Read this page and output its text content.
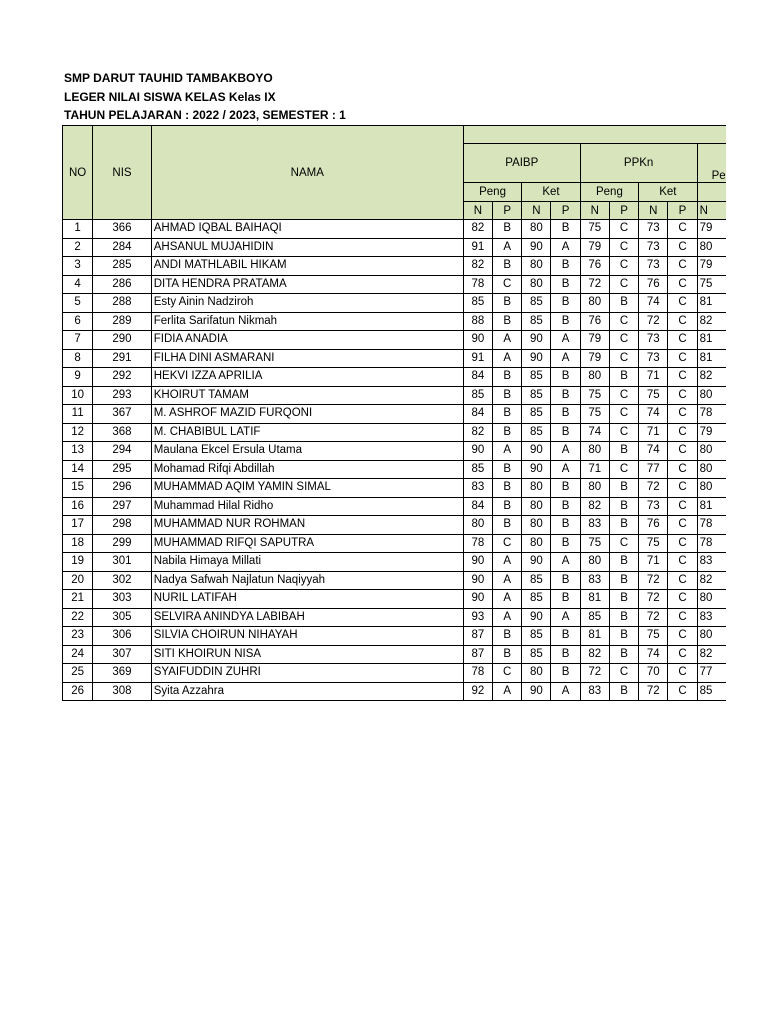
SMP DARUT TAUHID TAMBAKBOYO
LEGER NILAI SISWA KELAS Kelas IX
TAHUN PELAJARAN : 2022 / 2023, SEMESTER : 1
NO	NIS	NAMA									
			PAIBP				PPKn				Pe
			Peng		Ket		Peng		Ket		
			N	P	N	P	N	P	N	P	N
1	366	AHMAD IQBAL BAIHAQI	82	B	80	B	75	C	73	C	79
2	284	AHSANUL MUJAHIDIN	91	A	90	A	79	C	73	C	80
3	285	ANDI MATHLABIL HIKAM	82	B	80	B	76	C	73	C	79
4	286	DITA HENDRA PRATAMA	78	C	80	B	72	C	76	C	75
5	288	Esty Ainin Nadziroh	85	B	85	B	80	B	74	C	81
6	289	Ferlita Sarifatun Nikmah	88	B	85	B	76	C	72	C	82
7	290	FIDIA ANADIA	90	A	90	A	79	C	73	C	81
8	291	FILHA DINI ASMARANI	91	A	90	A	79	C	73	C	81
9	292	HEKVI IZZA APRILIA	84	B	85	B	80	B	71	C	82
10	293	KHOIRUT TAMAM	85	B	85	B	75	C	75	C	80
11	367	M. ASHROF MAZID FURQONI	84	B	85	B	75	C	74	C	78
12	368	M. CHABIBUL LATIF	82	B	85	B	74	C	71	C	79
13	294	Maulana Ekcel Ersula Utama	90	A	90	A	80	B	74	C	80
14	295	Mohamad Rifqi Abdillah	85	B	90	A	71	C	77	C	80
15	296	MUHAMMAD AQIM YAMIN SIMAL	83	B	80	B	80	B	72	C	80
16	297	Muhammad Hilal Ridho	84	B	80	B	82	B	73	C	81
17	298	MUHAMMAD NUR ROHMAN	80	B	80	B	83	B	76	C	78
18	299	MUHAMMAD RIFQI SAPUTRA	78	C	80	B	75	C	75	C	78
19	301	Nabila Himaya Millati	90	A	90	A	80	B	71	C	83
20	302	Nadya Safwah Najlatun Naqiyyah	90	A	85	B	83	B	72	C	82
21	303	NURIL LATIFAH	90	A	85	B	81	B	72	C	80
22	305	SELVIRA ANINDYA LABIBAH	93	A	90	A	85	B	72	C	83
23	306	SILVIA CHOIRUN NIHAYAH	87	B	85	B	81	B	75	C	80
24	307	SITI KHOIRUN NISA	87	B	85	B	82	B	74	C	82
25	369	SYAIFUDDIN ZUHRI	78	C	80	B	72	C	70	C	77
26	308	Syita Azzahra	92	A	90	A	83	B	72	C	85
